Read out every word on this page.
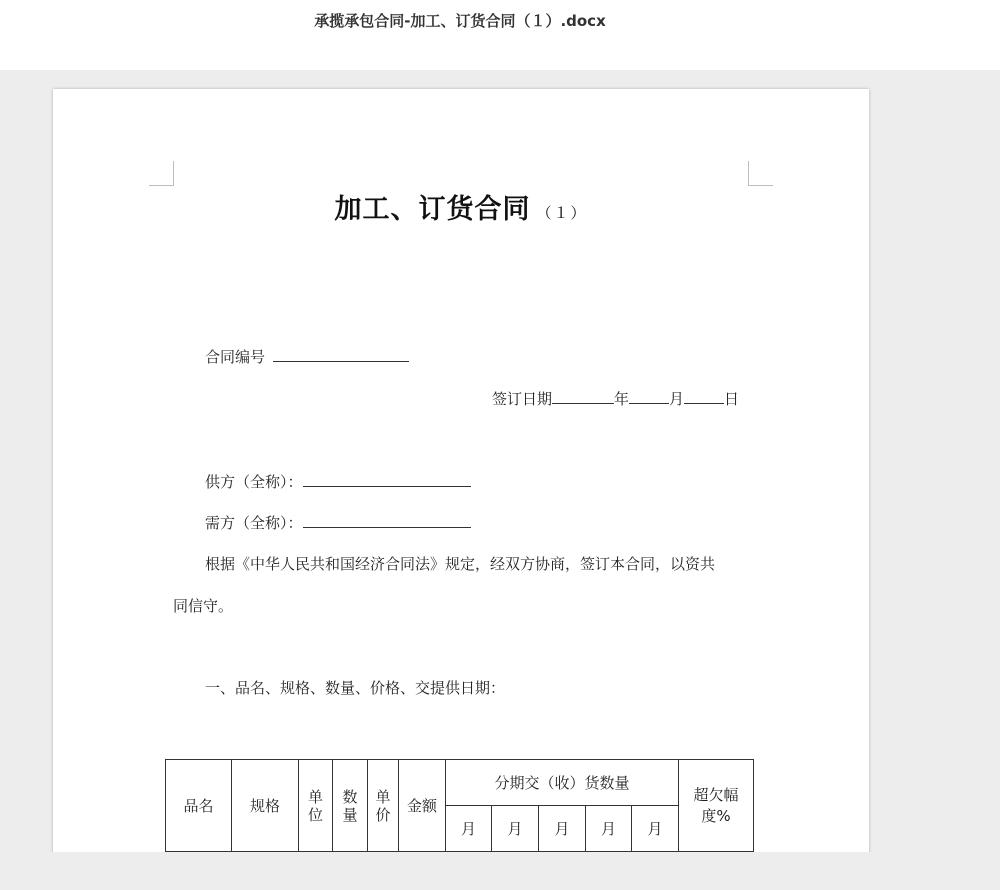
承揽承包合同-加工、订货合同（１）.docx
加工、订货合同 （１）
合同编号
签订日期	年	月	日
供方（全称）：
需方（全称）：
根据《中华人民共和国经济合同法》规定，经双方协商，签订本合同，以资共
同信守。
一、品名、规格、数量、价格、交提供日期：
品名	规格	单位	数量	单价	金额	分期交（收）货数量					超欠幅度%
						月	月	月	月	月	
